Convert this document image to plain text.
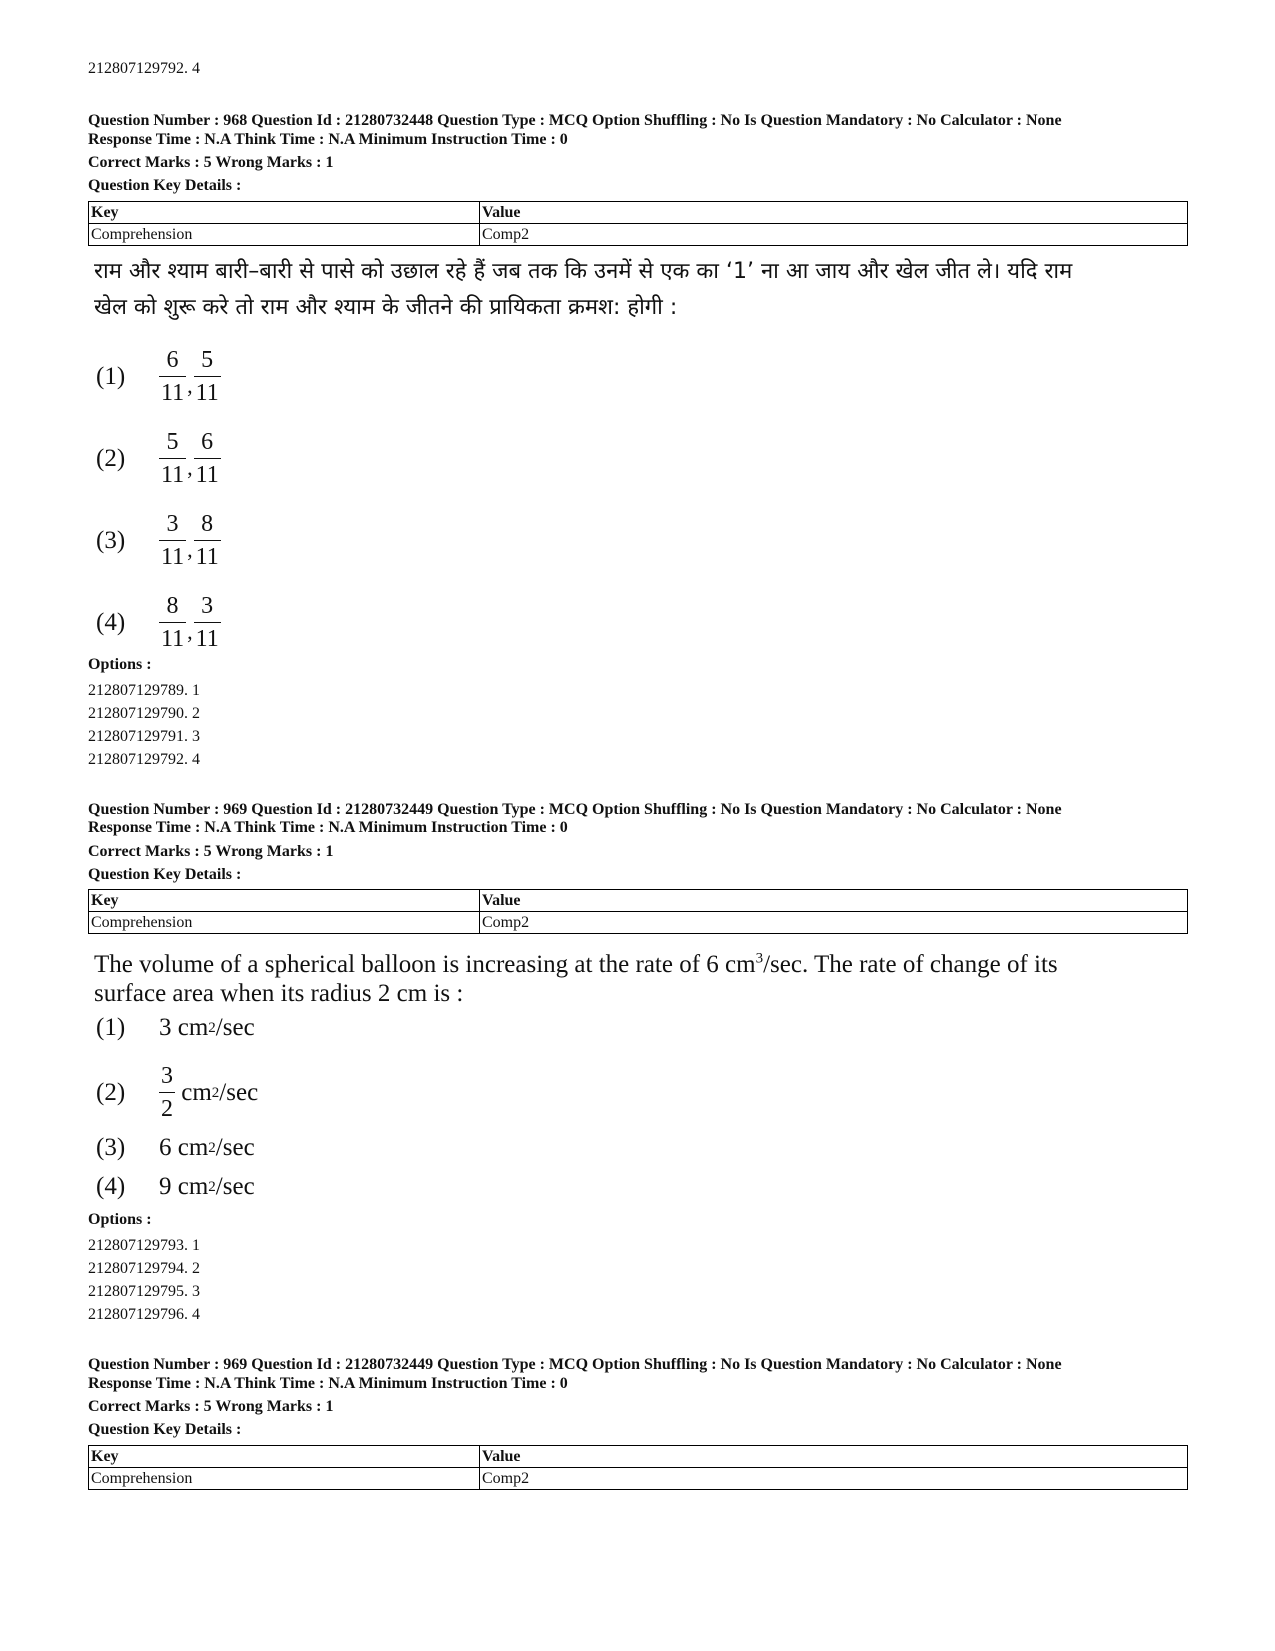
212807129792. 4
Question Number : 968 Question Id : 21280732448 Question Type : MCQ Option Shuffling : No Is Question Mandatory : No Calculator : None
Response Time : N.A Think Time : N.A Minimum Instruction Time : 0
Correct Marks : 5 Wrong Marks : 1
Question Key Details :
Key	Value
Comprehension	Comp2
राम और श्याम बारी–बारी से पासे को उछाल रहे हैं जब तक कि उनमें से एक का ‘1’ ना आ जाय और खेल जीत ले। यदि राम
खेल को शुरू करे तो राम और श्याम के जीतने की प्रायिकता क्रमश: होगी :
(1)	$\frac{6}{11}$ , $\frac{5}{11}$
(2)	$\frac{5}{11}$ , $\frac{6}{11}$
(3)	$\frac{3}{11}$ , $\frac{8}{11}$
(4)	$\frac{8}{11}$ , $\frac{3}{11}$
Options :
212807129789. 1
212807129790. 2
212807129791. 3
212807129792. 4
Question Number : 969 Question Id : 21280732449 Question Type : MCQ Option Shuffling : No Is Question Mandatory : No Calculator : None
Response Time : N.A Think Time : N.A Minimum Instruction Time : 0
Correct Marks : 5 Wrong Marks : 1
Question Key Details :
Key	Value
Comprehension	Comp2
The volume of a spherical balloon is increasing at the rate of 6 $cm^3/\sec$. The rate of change of its
surface area when its radius 2 cm is :
(1)	3
cm 2 /sec
(2)	$\frac{3}{2}$
cm 2 /sec
(3)	6
cm 2 /sec
(4)	9
cm 2 /sec
Options :
212807129793. 1
212807129794. 2
212807129795. 3
212807129796. 4
Question Number : 969 Question Id : 21280732449 Question Type : MCQ Option Shuffling : No Is Question Mandatory : No Calculator : None
Response Time : N.A Think Time : N.A Minimum Instruction Time : 0
Correct Marks : 5 Wrong Marks : 1
Question Key Details :
Key	Value
Comprehension	Comp2
